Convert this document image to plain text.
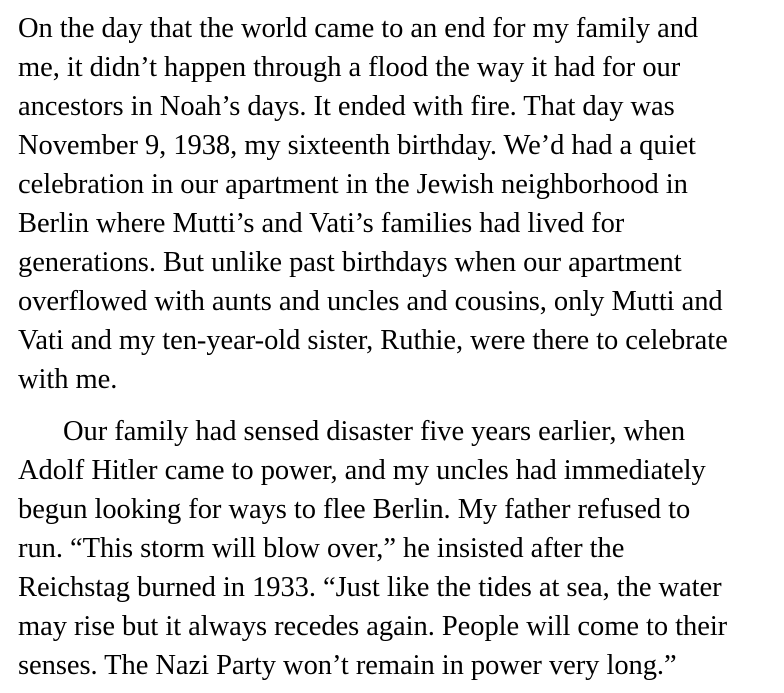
On the day that the world came to an end for my family and
me, it didn’t happen through a flood the way it had for our
ancestors in Noah’s days. It ended with fire. That day was
November 9, 1938, my sixteenth birthday. We’d had a quiet
celebration in our apartment in the Jewish neighborhood in
Berlin where Mutti’s and Vati’s families had lived for
generations. But unlike past birthdays when our apartment
overflowed with aunts and uncles and cousins, only Mutti and
Vati and my ten-year-old sister, Ruthie, were there to celebrate
with me.
Our family had sensed disaster five years earlier, when
Adolf Hitler came to power, and my uncles had immediately
begun looking for ways to flee Berlin. My father refused to
run. “This storm will blow over,” he insisted after the
Reichstag burned in 1933. “Just like the tides at sea, the water
may rise but it always recedes again. People will come to their
senses. The Nazi Party won’t remain in power very long.”
